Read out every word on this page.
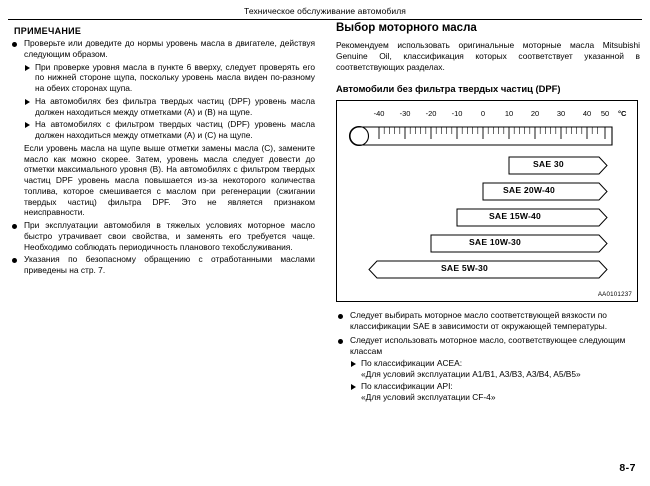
Техническое обслуживание автомобиля
ПРИМЕЧАНИЕ
Проверьте или доведите до нормы уровень масла в двигателе, действуя следующим образом.
При проверке уровня масла в пункте 6 вверху, следует проверять его по нижней стороне щупа, поскольку уровень масла виден по-разному на обеих сторонах щупа.
На автомобилях без фильтра твердых частиц (DPF) уровень масла должен находиться между отметками (A) и (B) на щупе.
На автомобилях с фильтром твердых частиц (DPF) уровень масла должен находиться между отметками (A) и (C) на щупе.
Если уровень масла на щупе выше отметки замены масла (C), замените масло как можно скорее. Затем, уровень масла следует довести до отметки максимального уровня (B). На автомобилях с фильтром твердых частиц DPF уровень масла повышается из-за некоторого количества топлива, которое смешивается с маслом при регенерации (сжигании твердых частиц) фильтра DPF. Это не является признаком неисправности.
При эксплуатации автомобиля в тяжелых условиях моторное масло быстро утрачивает свои свойства, и заменять его требуется чаще. Необходимо соблюдать периодичность планового техобслуживания.
Указания по безопасному обращению с отработанными маслами приведены на стр. 7.
Выбор моторного масла
Рекомендуем использовать оригинальные моторные масла Mitsubishi Genuine Oil, классификация которых соответствует указанной в соответствующих разделах.
Автомобили без фильтра твердых частиц (DPF)
-40	-30	-20	-10	0	10	20	30	40	50	°C
SAE 30
SAE 20W-40
SAE 15W-40
SAE 10W-30
SAE 5W-30
AA0101237
Следует выбирать моторное масло соответствующей вязкости по классификации SAE в зависимости от окружающей температуры.
Следует использовать моторное масло, соответствующее следующим классам
По классификации ACEA:
«Для условий эксплуатации A1/B1, A3/B3, A3/B4, A5/B5»
По классификации API:
«Для условий эксплуатации CF-4»
8-7
